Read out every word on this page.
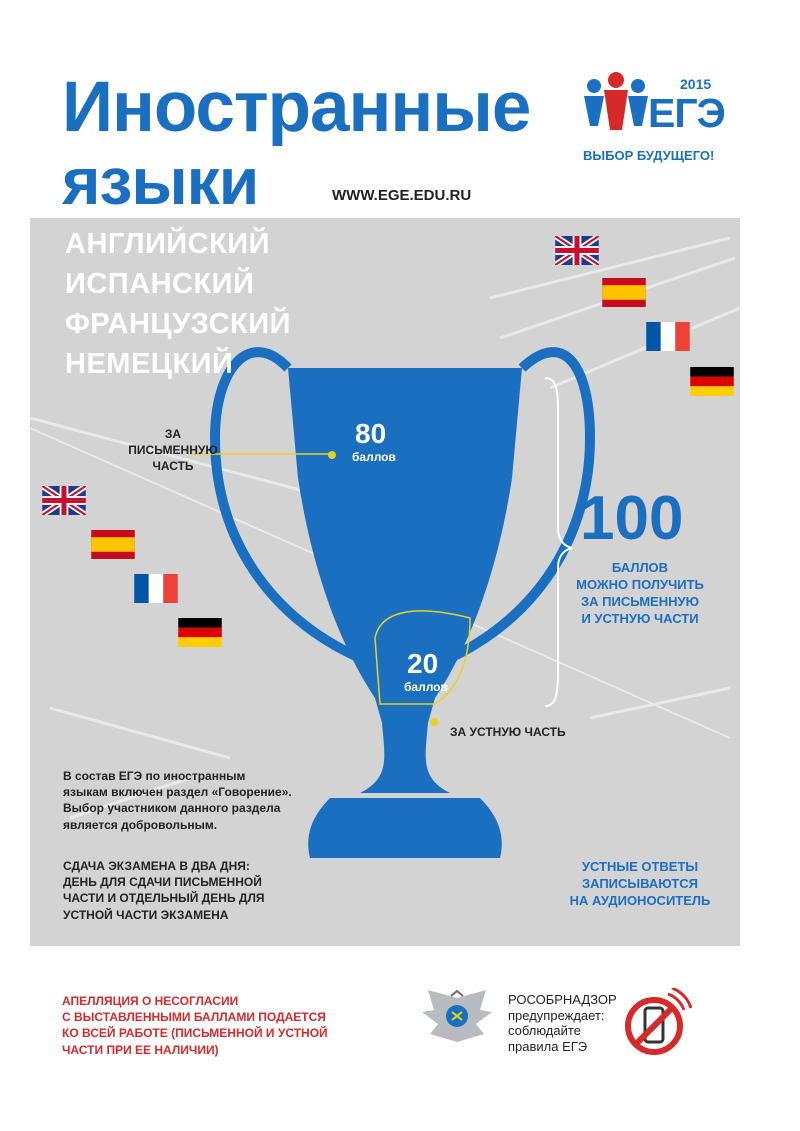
Иностранные
языки	WWW.EGE.EDU.RU
2015
ЕГЭ
ВЫБОР БУДУЩЕГО!
АНГЛИЙСКИЙ
ИСПАНСКИЙ
ФРАНЦУЗСКИЙ
НЕМЕЦКИЙ
ЗА
ПИСЬМЕННУЮ
ЧАСТЬ
80
баллов
20
баллов
ЗА УСТНУЮ ЧАСТЬ
100
БАЛЛОВ
МОЖНО ПОЛУЧИТЬ
ЗА ПИСЬМЕННУЮ
И УСТНУЮ ЧАСТИ
В состав ЕГЭ по иностранным
языкам включен раздел «Говорение».
Выбор участником данного раздела
является добровольным.
СДАЧА ЭКЗАМЕНА В ДВА ДНЯ:
ДЕНЬ ДЛЯ СДАЧИ ПИСЬМЕННОЙ
ЧАСТИ И ОТДЕЛЬНЫЙ ДЕНЬ ДЛЯ
УСТНОЙ ЧАСТИ ЭКЗАМЕНА
УСТНЫЕ ОТВЕТЫ
ЗАПИСЫВАЮТСЯ
НА АУДИОНОСИТЕЛЬ
АПЕЛЛЯЦИЯ О НЕСОГЛАСИИ
С ВЫСТАВЛЕННЫМИ БАЛЛАМИ ПОДАЕТСЯ
КО ВСЕЙ РАБОТЕ (ПИСЬМЕННОЙ И УСТНОЙ
ЧАСТИ ПРИ ЕЕ НАЛИЧИИ)
РОСОБРНАДЗОР
предупреждает:
соблюдайте
правила ЕГЭ
